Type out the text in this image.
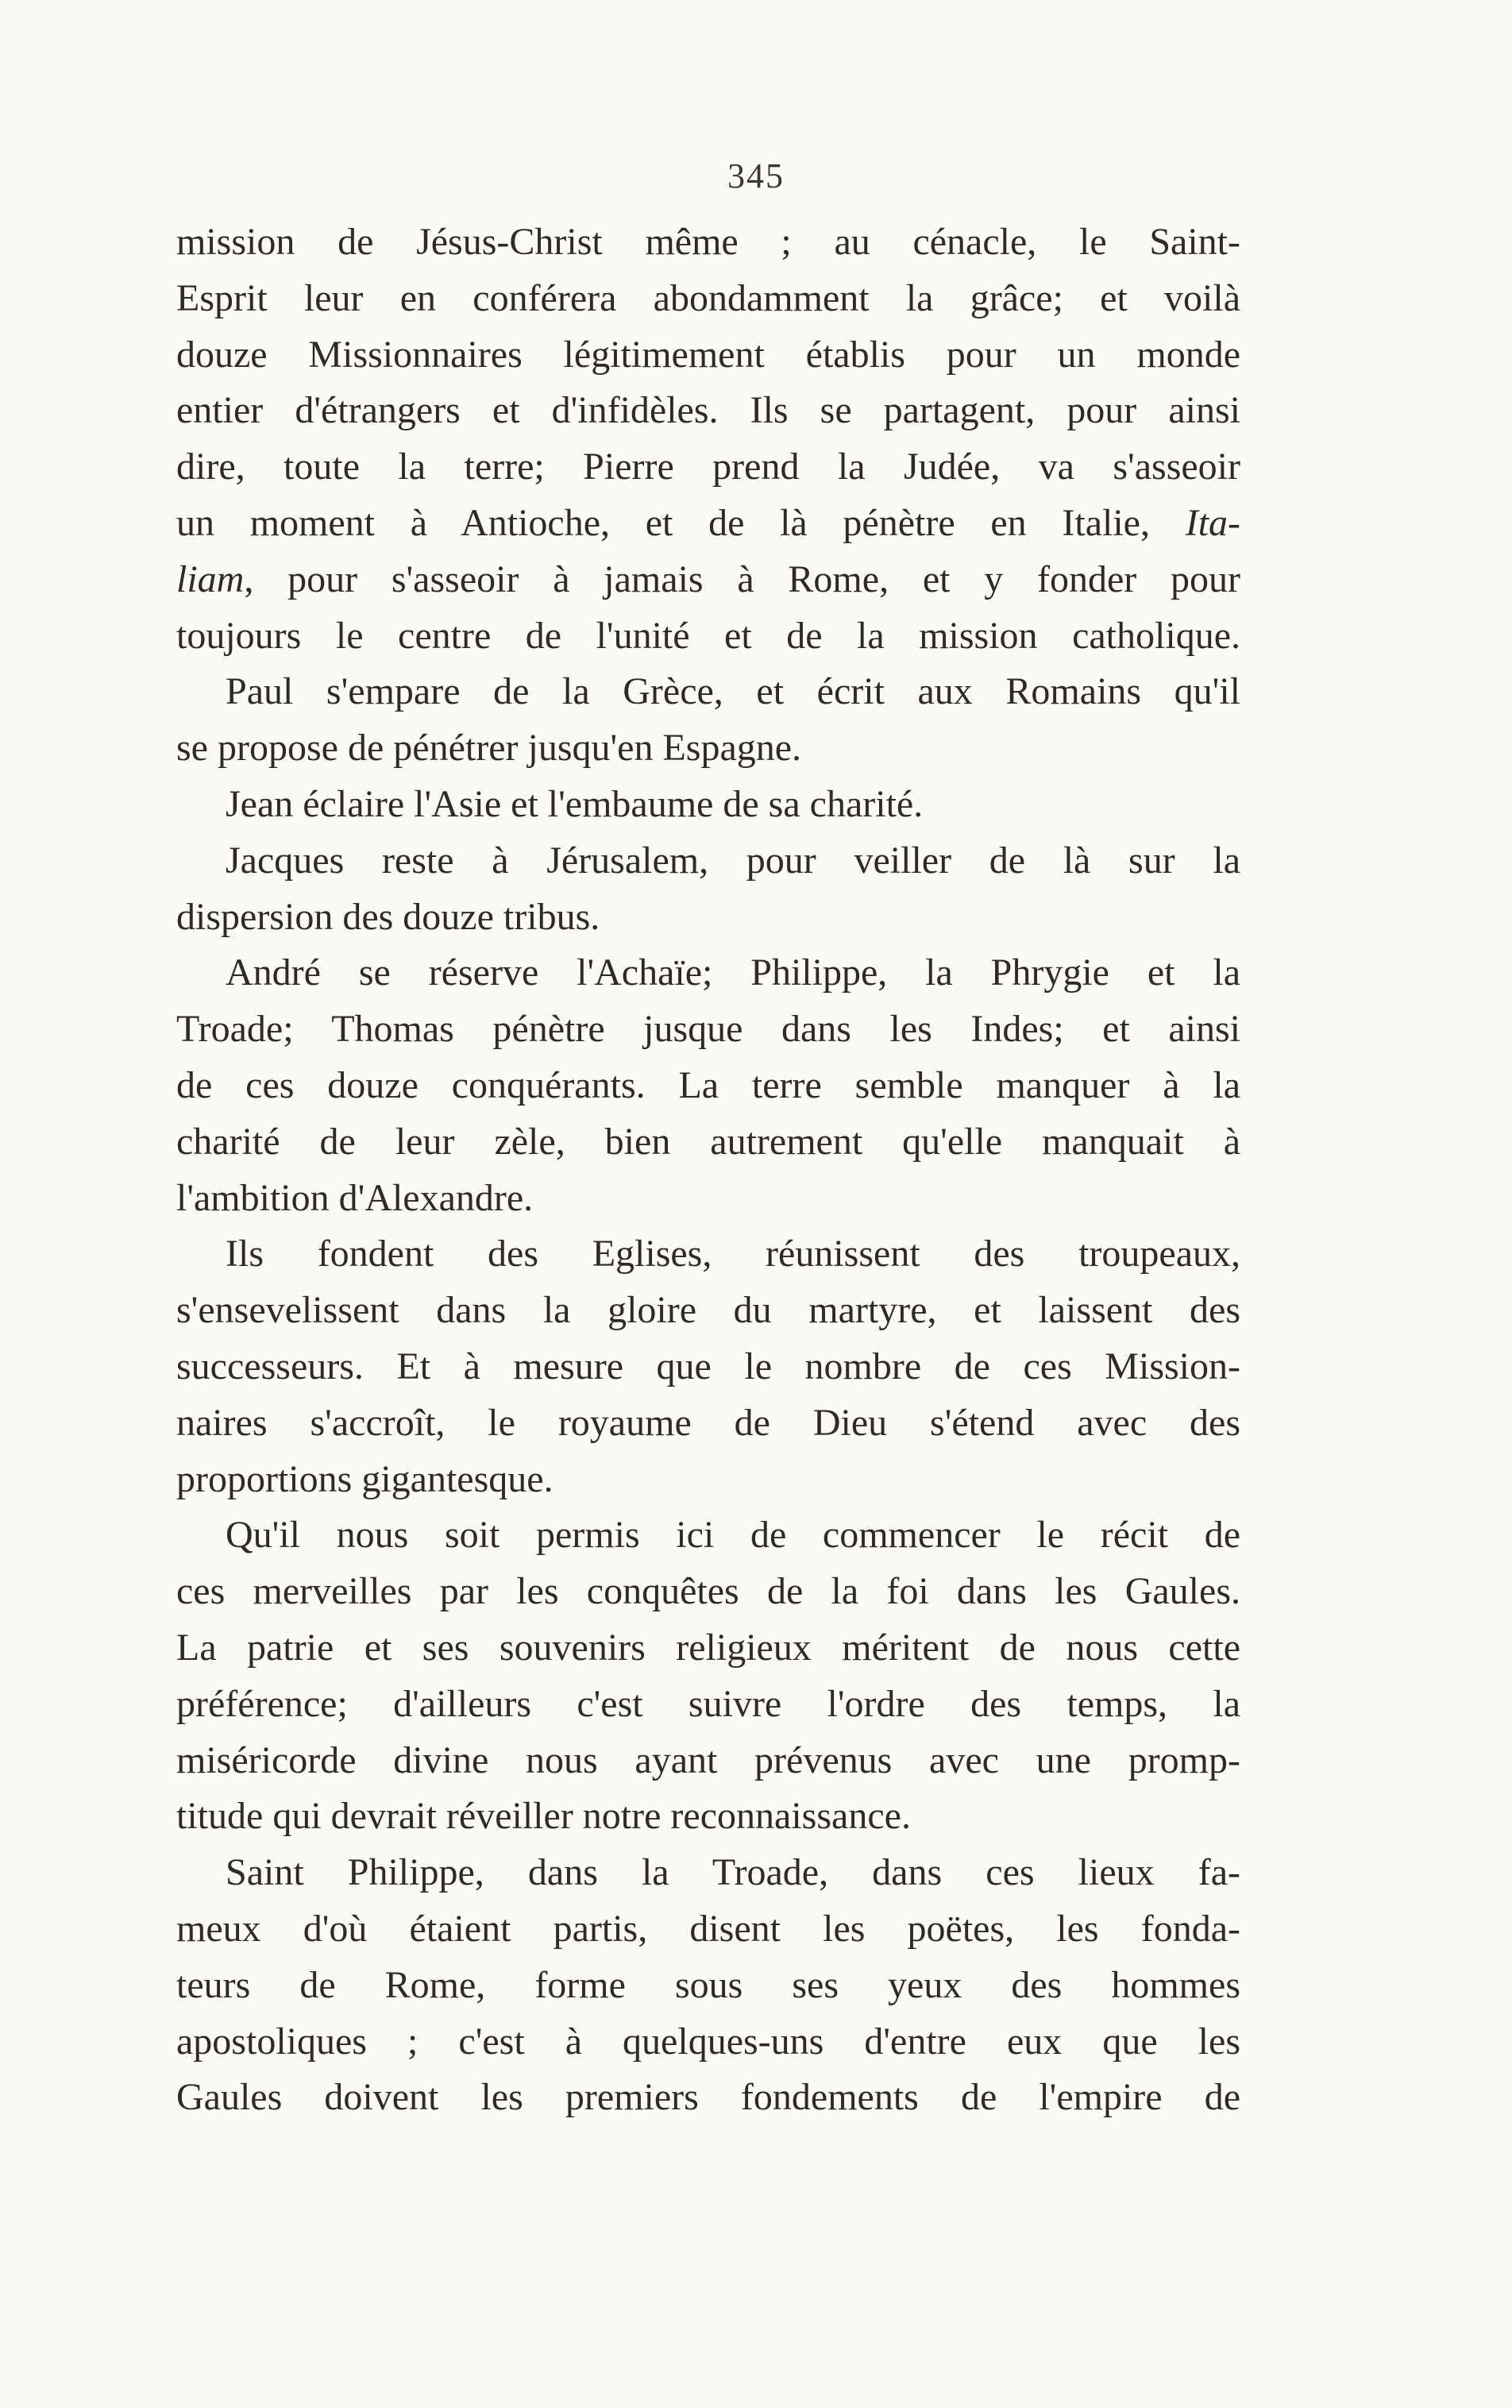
345
mission de Jésus-Christ même ; au cénacle, le Saint-
Esprit leur en conférera abondamment la grâce; et voilà
douze Missionnaires légitimement établis pour un monde
entier d'étrangers et d'infidèles. Ils se partagent, pour ainsi
dire, toute la terre; Pierre prend la Judée, va s'asseoir
un moment à Antioche, et de là pénètre en Italie, Ita-
liam, pour s'asseoir à jamais à Rome, et y fonder pour
toujours le centre de l'unité et de la mission catholique.
Paul s'empare de la Grèce, et écrit aux Romains qu'il
se propose de pénétrer jusqu'en Espagne.
Jean éclaire l'Asie et l'embaume de sa charité.
Jacques reste à Jérusalem, pour veiller de là sur la
dispersion des douze tribus.
André se réserve l'Achaïe; Philippe, la Phrygie et la
Troade; Thomas pénètre jusque dans les Indes; et ainsi
de ces douze conquérants. La terre semble manquer à la
charité de leur zèle, bien autrement qu'elle manquait à
l'ambition d'Alexandre.
Ils fondent des Eglises, réunissent des troupeaux,
s'ensevelissent dans la gloire du martyre, et laissent des
successeurs. Et à mesure que le nombre de ces Mission-
naires s'accroît, le royaume de Dieu s'étend avec des
proportions gigantesque.
Qu'il nous soit permis ici de commencer le récit de
ces merveilles par les conquêtes de la foi dans les Gaules.
La patrie et ses souvenirs religieux méritent de nous cette
préférence; d'ailleurs c'est suivre l'ordre des temps, la
miséricorde divine nous ayant prévenus avec une promp-
titude qui devrait réveiller notre reconnaissance.
Saint Philippe, dans la Troade, dans ces lieux fa-
meux d'où étaient partis, disent les poëtes, les fonda-
teurs de Rome, forme sous ses yeux des hommes
apostoliques ; c'est à quelques-uns d'entre eux que les
Gaules doivent les premiers fondements de l'empire de
